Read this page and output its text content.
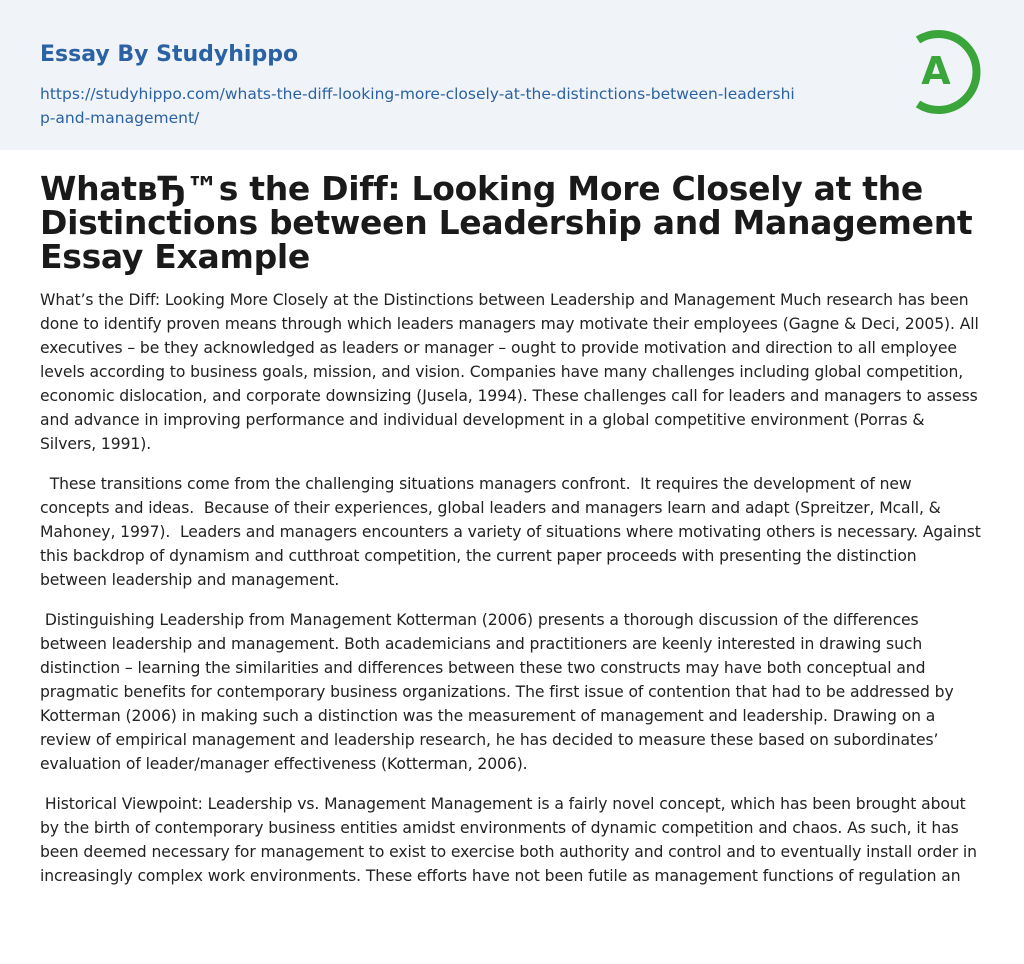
Essay By Studyhippo
https://studyhippo.com/whats-the-diff-looking-more-closely-at-the-distinctions-between-leadership-and-management/
A
WhatвЂ™s the Diff: Looking More Closely at the Distinctions between Leadership and Management Essay Example

What’s the Diff: Looking More Closely at the Distinctions between Leadership and Management Much research has been done to identify proven means through which leaders managers may motivate their employees (Gagne & Deci, 2005). All executives – be they acknowledged as leaders or manager – ought to provide motivation and direction to all employee levels according to business goals, mission, and vision. Companies have many challenges including global competition, economic dislocation, and corporate downsizing (Jusela, 1994). These challenges call for leaders and managers to assess and advance in improving performance and individual development in a global competitive environment (Porras & Silvers, 1991).

These transitions come from the challenging situations managers confront.  It requires the development of new concepts and ideas.  Because of their experiences, global leaders and managers learn and adapt (Spreitzer, Mcall, & Mahoney, 1997).  Leaders and managers encounters a variety of situations where motivating others is necessary. Against this backdrop of dynamism and cutthroat competition, the current paper proceeds with presenting the distinction between leadership and management.

Distinguishing Leadership from Management Kotterman (2006) presents a thorough discussion of the differences between leadership and management. Both academicians and practitioners are keenly interested in drawing such distinction – learning the similarities and differences between these two constructs may have both conceptual and pragmatic benefits for contemporary business organizations. The first issue of contention that had to be addressed by Kotterman (2006) in making such a distinction was the measurement of management and leadership. Drawing on a review of empirical management and leadership research, he has decided to measure these based on subordinates’ evaluation of leader/manager effectiveness (Kotterman, 2006).

Historical Viewpoint: Leadership vs. Management Management is a fairly novel concept, which has been brought about by the birth of contemporary business entities amidst environments of dynamic competition and chaos. As such, it has been deemed necessary for management to exist to exercise both authority and control and to eventually install order in increasingly complex work environments. These efforts have not been futile as management functions of regulation an
